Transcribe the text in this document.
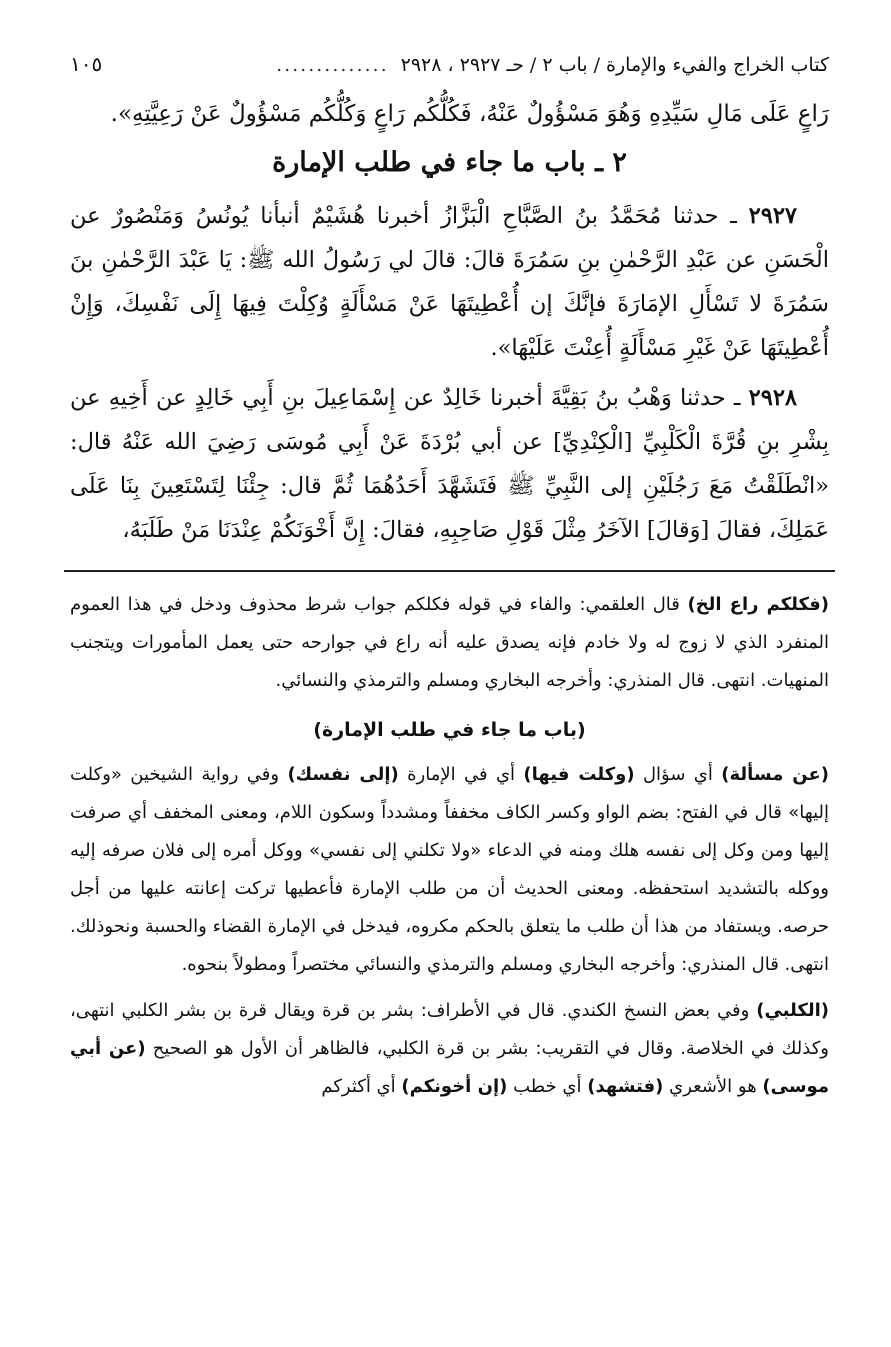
كتاب الخراج والفيء والإمارة / باب ٢ / حـ ٢٩٢٧ ، ٢٩٢٨
..............
١٠٥

رَاعٍ عَلَى مَالِ سَيِّدِهِ وَهُوَ مَسْؤُولٌ عَنْهُ، فَكُلُّكُم رَاعٍ وَكُلُّكُم مَسْؤُولٌ عَنْ رَعِيَّتِهِ».

٢ ـ باب ما جاء في طلب الإمارة

٢٩٢٧ ـ حدثنا مُحَمَّدُ بنُ الصَّبَّاحِ الْبَزَّازُ أخبرنا هُشَيْمٌ أنبأنا يُونُسُ وَمَنْصُورٌ عن الْحَسَنِ عن عَبْدِ الرَّحْمٰنِ بنِ سَمُرَةَ قالَ: قالَ لي رَسُولُ الله ﷺ: يَا عَبْدَ الرَّحْمٰنِ بنَ سَمُرَةَ لا تَسْأَلِ الإمَارَةَ فإنَّكَ إن أُعْطِيتَهَا عَنْ مَسْأَلَةٍ وُكِلْتَ فِيهَا إِلَى نَفْسِكَ، وَإِنْ أُعْطِيتَهَا عَنْ غَيْرِ مَسْأَلَةٍ أُعِنْتَ عَلَيْهَا».

٢٩٢٨ ـ حدثنا وَهْبُ بنُ بَقِيَّةَ أخبرنا خَالِدٌ عن إِسْمَاعِيلَ بنِ أَبِي خَالِدٍ عن أَخِيهِ عن بِشْرِ بنِ قُرَّةَ الْكَلْبِيِّ [الْكِنْدِيِّ] عن أبي بُرْدَةَ عَنْ أَبِي مُوسَى رَضِيَ الله عَنْهُ قال: «انْطَلَقْتُ مَعَ رَجُلَيْنِ إلى النَّبِيِّ ﷺ فَتَشَهَّدَ أَحَدُهُمَا ثُمَّ قال: جِئْنَا لِتَسْتَعِينَ بِنَا عَلَى عَمَلِكَ، فقالَ [وَقالَ] الآخَرُ مِثْلَ قَوْلِ صَاحِبِهِ، فقالَ: إِنَّ أَخْوَنَكُمْ عِنْدَنَا مَنْ طَلَبَهُ،

(فكلكم راع الخ) قال العلقمي: والفاء في قوله فكلكم جواب شرط محذوف ودخل في هذا العموم المنفرد الذي لا زوج له ولا خادم فإنه يصدق عليه أنه راع في جوارحه حتى يعمل المأمورات ويتجنب المنهيات. انتهى. قال المنذري: وأخرجه البخاري ومسلم والترمذي والنسائي.

(باب ما جاء في طلب الإمارة)

(عن مسألة) أي سؤال (وكلت فيها) أي في الإمارة (إلى نفسك) وفي رواية الشيخين «وكلت إليها» قال في الفتح: بضم الواو وكسر الكاف مخففاً ومشدداً وسكون اللام، ومعنى المخفف أي صرفت إليها ومن وكل إلى نفسه هلك ومنه في الدعاء «ولا تكلني إلى نفسي» ووكل أمره إلى فلان صرفه إليه ووكله بالتشديد استحفظه. ومعنى الحديث أن من طلب الإمارة فأعطيها تركت إعانته عليها من أجل حرصه. ويستفاد من هذا أن طلب ما يتعلق بالحكم مكروه، فيدخل في الإمارة القضاء والحسبة ونحوذلك. انتهى. قال المنذري: وأخرجه البخاري ومسلم والترمذي والنسائي مختصراً ومطولاً بنحوه.

(الكلبي) وفي بعض النسخ الكندي. قال في الأطراف: بشر بن قرة ويقال قرة بن بشر الكلبي انتهى، وكذلك في الخلاصة. وقال في التقريب: بشر بن قرة الكلبي، فالظاهر أن الأول هو الصحيح (عن أبي موسى) هو الأشعري (فتشهد) أي خطب (إن أخونكم) أي أكثركم
